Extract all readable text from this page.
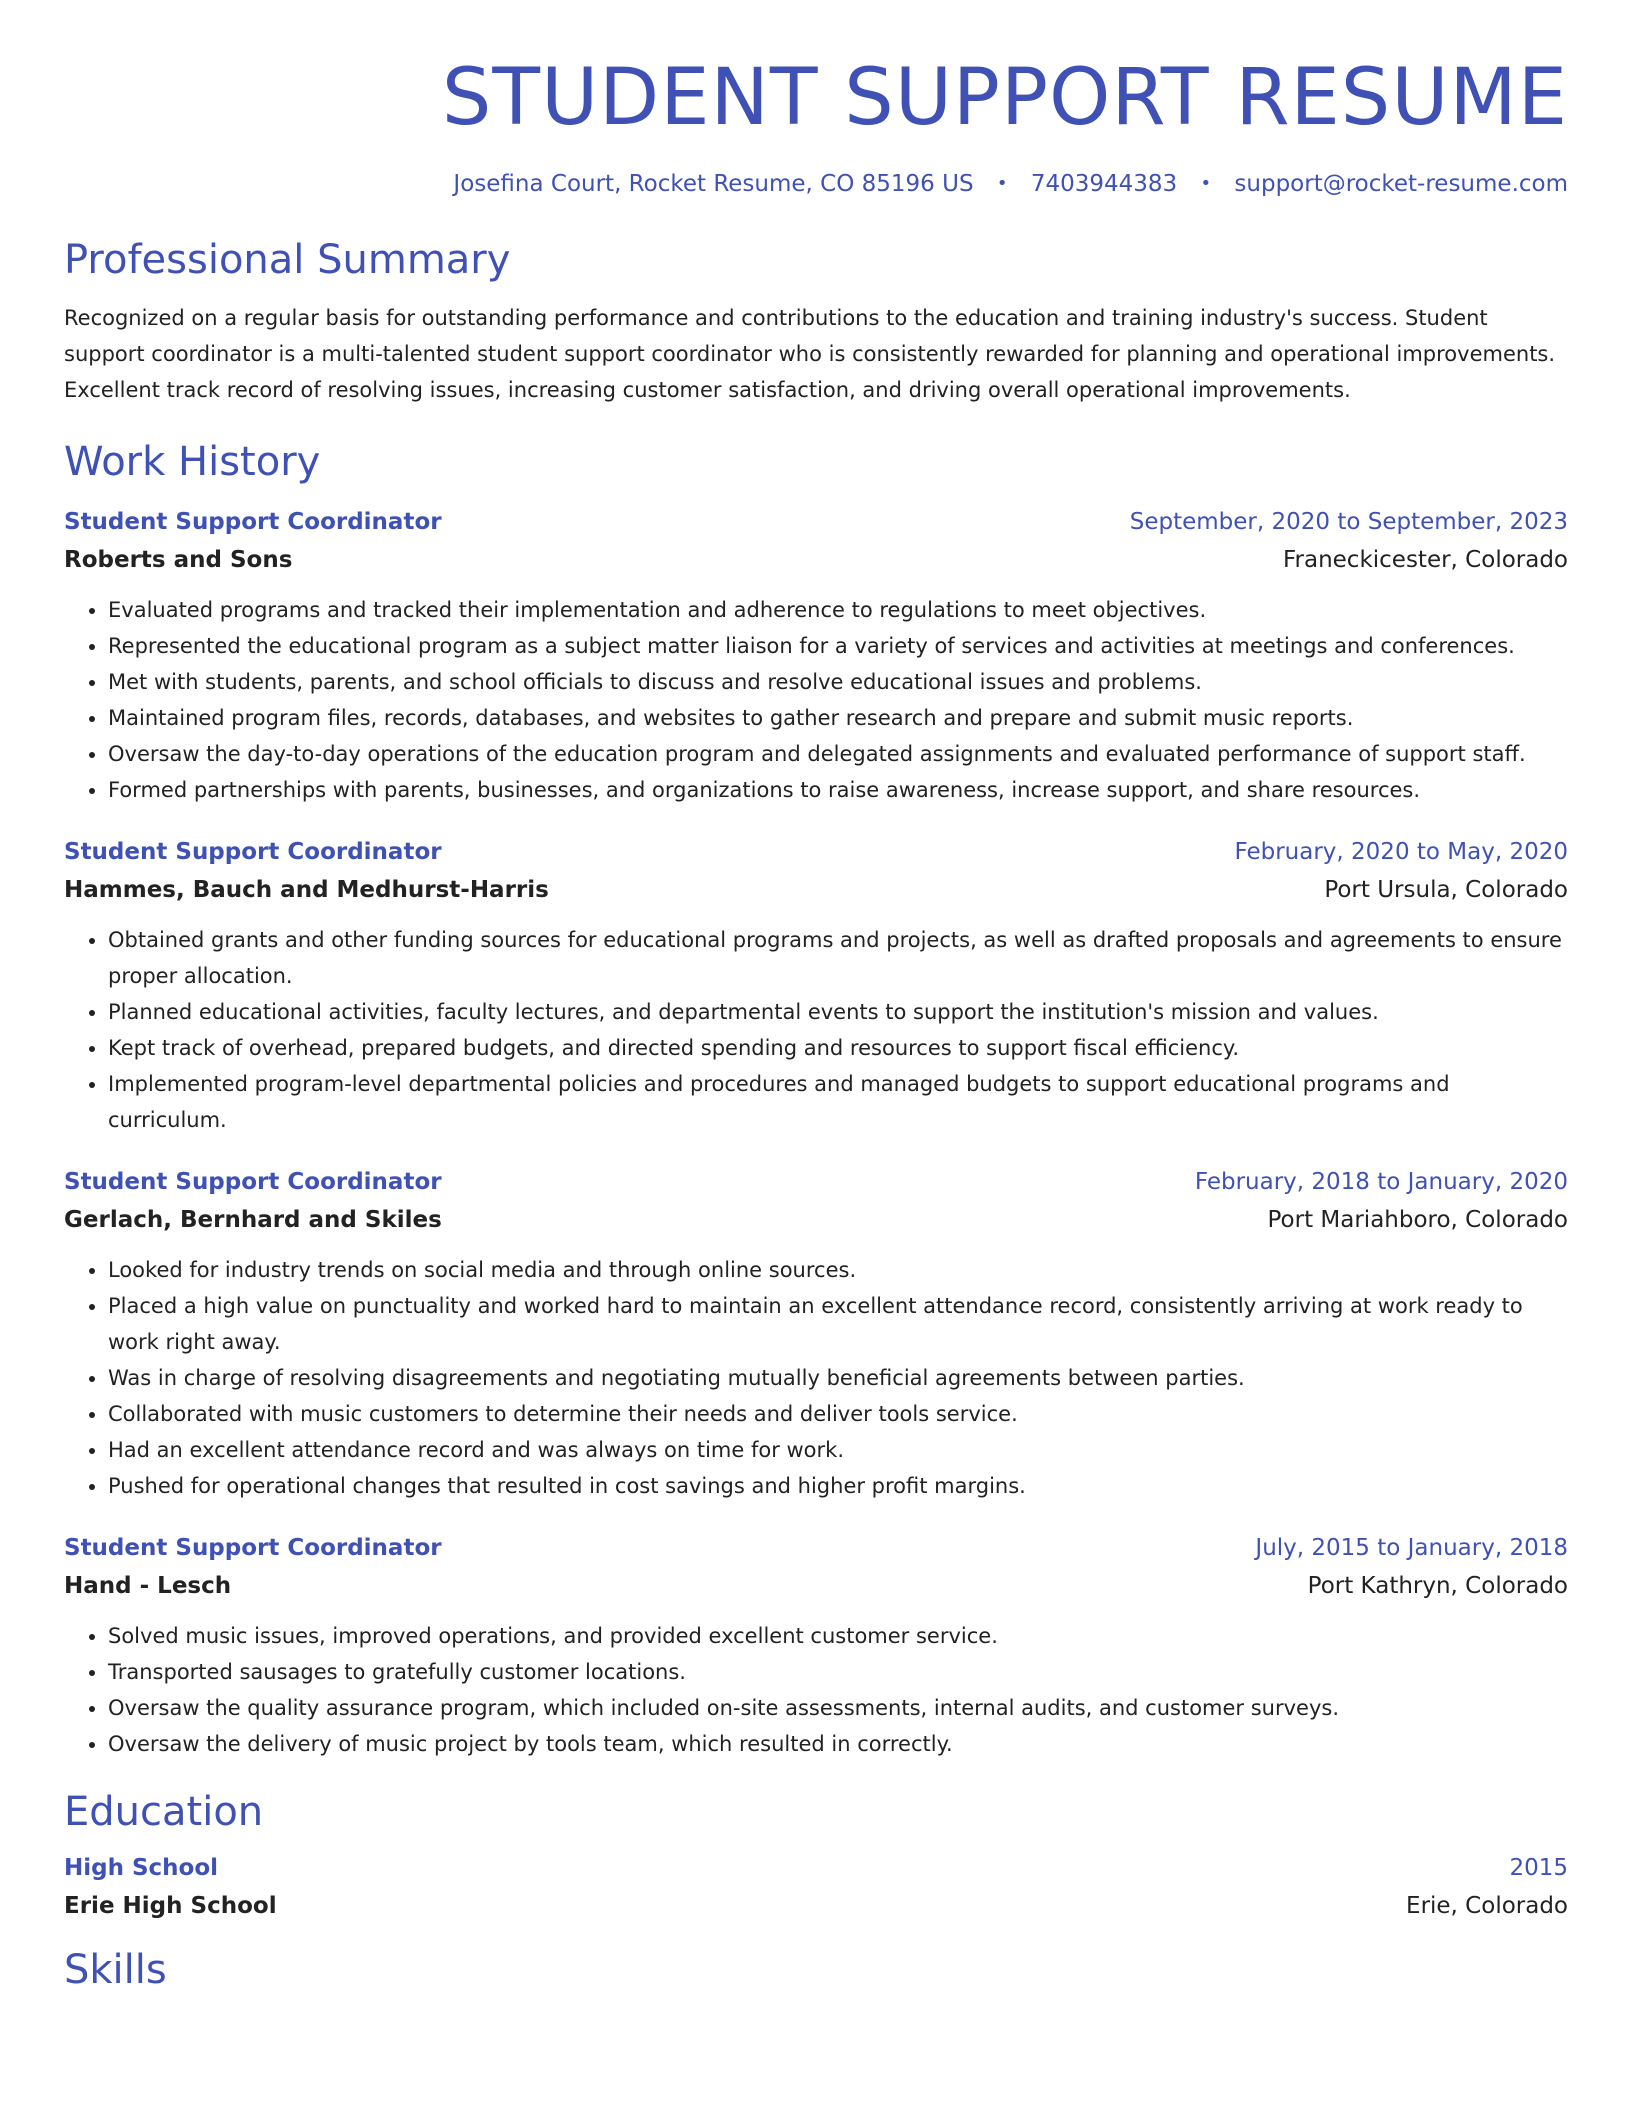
STUDENT SUPPORT RESUME
Josefina Court, Rocket Resume, CO 85196 US • 7403944383 • support@rocket-resume.com
Professional Summary

Recognized on a regular basis for outstanding performance and contributions to the education and training industry's success. Student support coordinator is a multi-talented student support coordinator who is consistently rewarded for planning and operational improvements. Excellent track record of resolving issues, increasing customer satisfaction, and driving overall operational improvements.

Work History
Student Support Coordinator	September, 2020 to September, 2023
Roberts and Sons	Franeckicester, Colorado
• Evaluated programs and tracked their implementation and adherence to regulations to meet objectives.
• Represented the educational program as a subject matter liaison for a variety of services and activities at meetings and conferences.
• Met with students, parents, and school officials to discuss and resolve educational issues and problems.
• Maintained program files, records, databases, and websites to gather research and prepare and submit music reports.
• Oversaw the day-to-day operations of the education program and delegated assignments and evaluated performance of support staff.
• Formed partnerships with parents, businesses, and organizations to raise awareness, increase support, and share resources.
Student Support Coordinator	February, 2020 to May, 2020
Hammes, Bauch and Medhurst-Harris	Port Ursula, Colorado
• Obtained grants and other funding sources for educational programs and projects, as well as drafted proposals and agreements to ensure proper allocation.
• Planned educational activities, faculty lectures, and departmental events to support the institution's mission and values.
• Kept track of overhead, prepared budgets, and directed spending and resources to support fiscal efficiency.
• Implemented program-level departmental policies and procedures and managed budgets to support educational programs and curriculum.
Student Support Coordinator	February, 2018 to January, 2020
Gerlach, Bernhard and Skiles	Port Mariahboro, Colorado
• Looked for industry trends on social media and through online sources.
• Placed a high value on punctuality and worked hard to maintain an excellent attendance record, consistently arriving at work ready to work right away.
• Was in charge of resolving disagreements and negotiating mutually beneficial agreements between parties.
• Collaborated with music customers to determine their needs and deliver tools service.
• Had an excellent attendance record and was always on time for work.
• Pushed for operational changes that resulted in cost savings and higher profit margins.
Student Support Coordinator	July, 2015 to January, 2018
Hand - Lesch	Port Kathryn, Colorado
• Solved music issues, improved operations, and provided excellent customer service.
• Transported sausages to gratefully customer locations.
• Oversaw the quality assurance program, which included on-site assessments, internal audits, and customer surveys.
• Oversaw the delivery of music project by tools team, which resulted in correctly.
Education
High School	2015
Erie High School	Erie, Colorado
Skills
